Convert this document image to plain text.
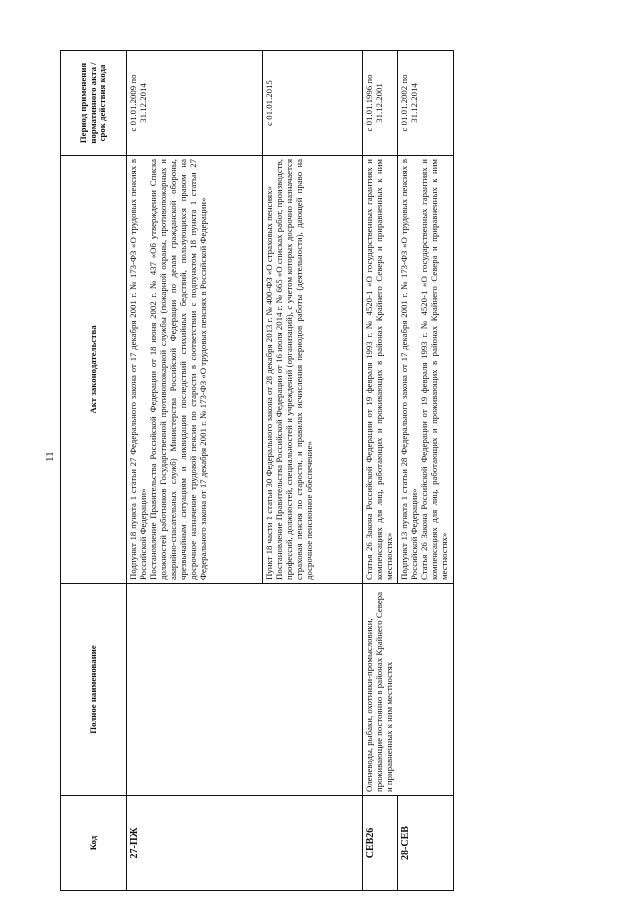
11
Код	Полное наименование	Акт законодательства	Период применения нормативного акта / срок действия кода
27-ПЖ		Подпункт 18 пункта 1 статьи 27 Федерального закона от 17 декабря 2001 г. № 173-ФЗ «О трудовых пенсиях в Российской Федерации» Постановление Правительства Российской Федерации от 18 июня 2002 г. № 437 «Об утверждении Списка должностей работников Государственной противопожарной службы (пожарной охраны, противопожарных и аварийно-спасательных служб) Министерства Российской Федерации по делам гражданской обороны, чрезвычайным ситуациям и ликвидации последствий стихийных бедствий, пользующихся правом на досрочное назначение трудовой пенсии по старости в соответствии с подпунктом 18 пункта 1 статьи 27 Федерального закона от 17 декабря 2001 г. № 173-ФЗ «О трудовых пенсиях в Российской Федерации»	с 01.01.2009 по 31.12.2014

		Пункт 18 части 1 статьи 30 Федерального закона от 28 декабря 2013 г. № 400-ФЗ «О страховых пенсиях» Постановление Правительства Российской Федерации от 16 июля 2014 г. № 665 «О списках работ, производств, профессий, должностей, специальностей и учреждений (организаций), с учетом которых досрочно назначается страховая пенсия по старости, и правилах исчисления периодов работы (деятельности), дающей право на досрочное пенсионное обеспечение»	с 01.01.2015
СЕВ26	Оленеводы, рыбаки, охотники-промысловики, проживающие постоянно в районах Крайнего Севера и приравненных к ним местностях	Статья 26 Закона Российской Федерации от 19 февраля 1993 г. № 4520-1 «О государственных гарантиях и компенсациях для лиц, работающих и проживающих в районах Крайнего Севера и приравненных к ним местностях»	с 01.01.1996 по 31.12.2001
28-СЕВ		Подпункт 13 пункта 1 статьи 28 Федерального закона от 17 декабря 2001 г. № 173-ФЗ «О трудовых пенсиях в Российской Федерации» Статья 26 Закона Российской Федерации от 19 февраля 1993 г. № 4520-1 «О государственных гарантиях и компенсациях для лиц, работающих и проживающих в районах Крайнего Севера и приравненных к ним местностях»	с 01.01.2002 по 31.12.2014
